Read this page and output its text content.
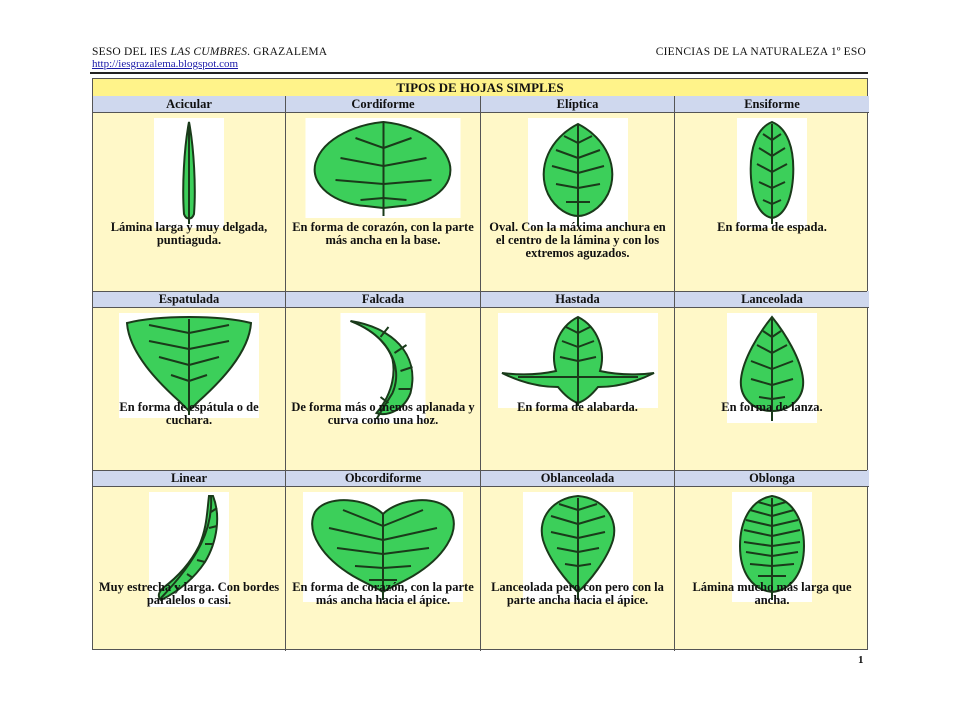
SESO DEL IES LAS CUMBRES. GRAZALEMA	CIENCIAS DE LA NATURALEZA 1º ESO
http://iesgrazalema.blogspot.com
TIPOS DE HOJAS SIMPLES
Acicular
Lámina larga y muy delgada, puntiaguda.
Cordiforme
En forma de corazón, con la parte más ancha en la base.
Elíptica
Oval. Con la máxima anchura en el centro de la lámina y con los extremos aguzados.
Ensiforme
En forma de espada.
Espatulada
En forma de espátula o de cuchara.
Falcada
De forma más o menos aplanada y curva como una hoz.
Hastada
En forma de alabarda.
Lanceolada
En forma de lanza.
Linear
Muy estrecha y larga. Con bordes paralelos o casi.
Obcordiforme
En forma de corazón, con la parte más ancha hacia el ápice.
Oblanceolada
Lanceolada pero con pero con la parte ancha hacia el ápice.
Oblonga
Lámina mucho más larga que ancha.
1
